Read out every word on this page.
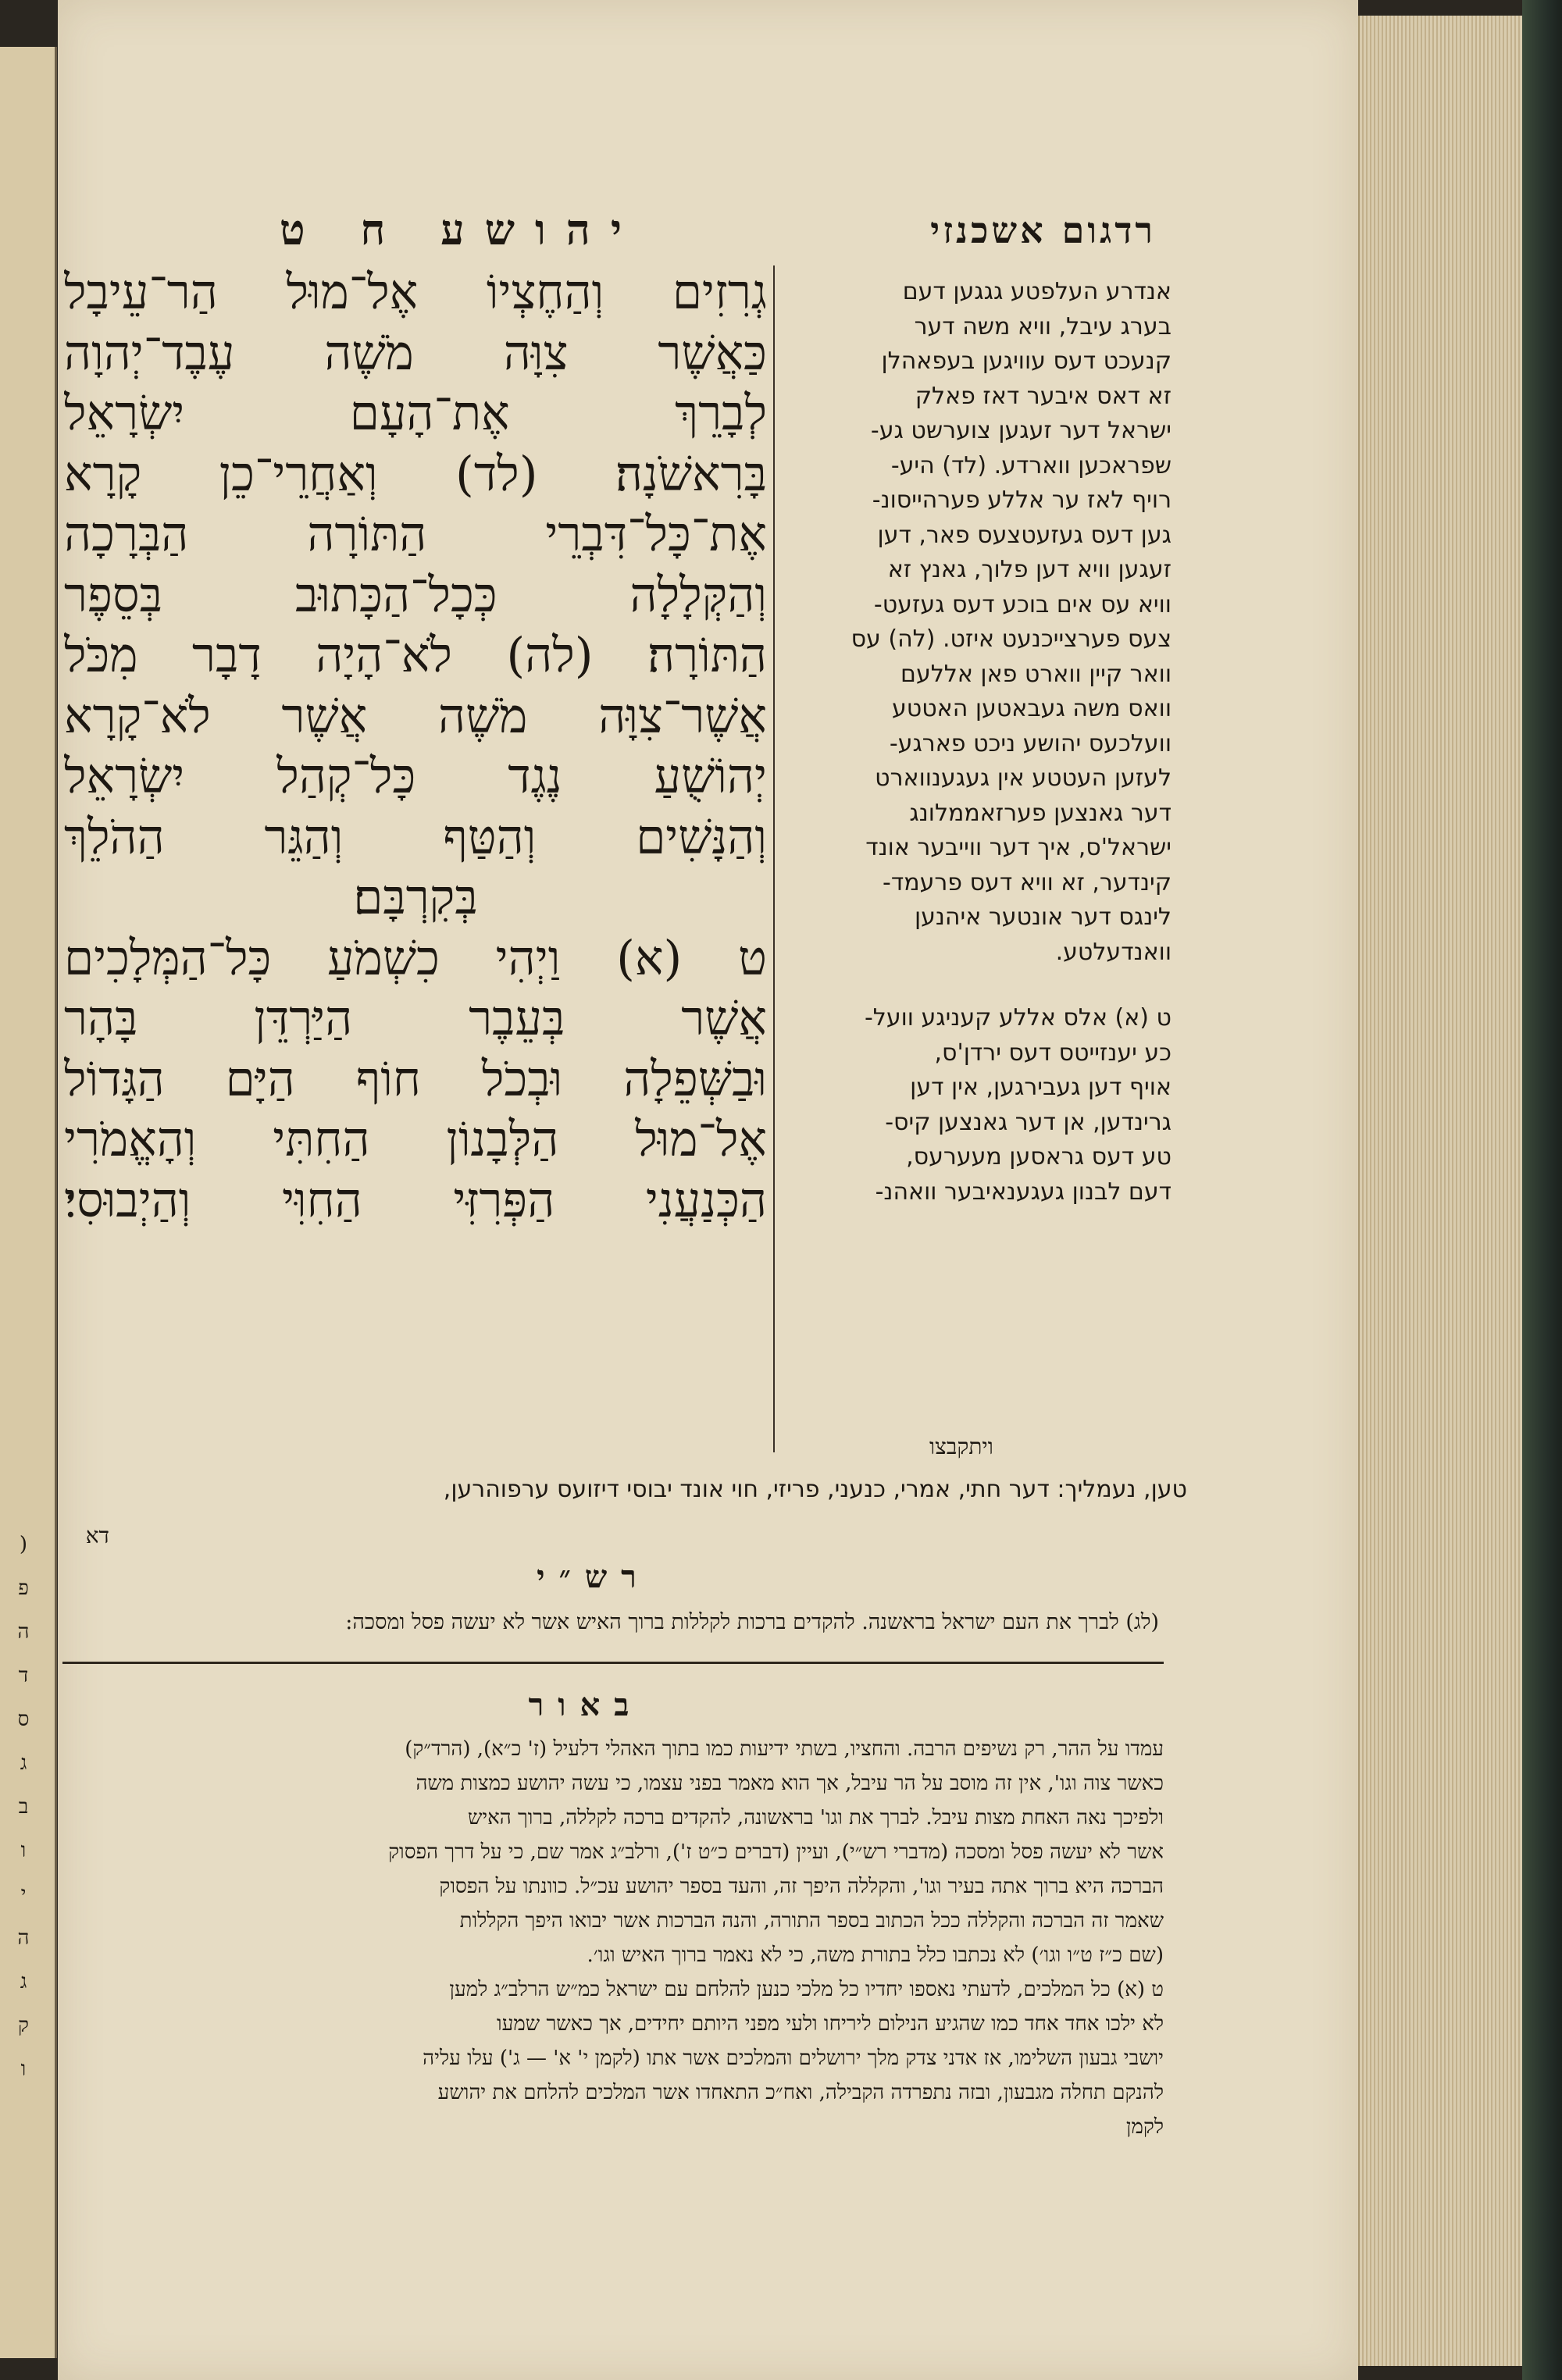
(
פ
ה
ד
ס
ג
ב
ו
י
ה
ג
ק
ו
יהושע ח ט	רדגום אשכנזי
גְרִזִים וְהַחֶצְיוֹ אֶל־מוּל הַר־עֵיבָל
כַּאֲשֶׁר צִוָּה מֹשֶׁה עֶבֶד־יְהוָה
לְבָרֵךְ אֶת־הָעָם יִשְׂרָאֵל
בָּרִאשֹׁנָה׃ (לד) וְאַחֲרֵי־כֵן קָרָא
אֶת־כָּל־דִּבְרֵי הַתּוֹרָה הַבְּרָכָה
וְהַקְּלָלָה כְּכָל־הַכָּתוּב בְּסֵפֶר
הַתּוֹרָה׃ (לה) לֹא־הָיָה דָבָר מִכֹּל
אֲשֶׁר־צִוָּה מֹשֶׁה אֲשֶׁר לֹא־קָרָא
יְהוֹשֻׁעַ נֶגֶד כָּל־קְהַל יִשְׂרָאֵל
וְהַנָּשִׁים וְהַטַּף וְהַגֵּר הַהֹלֵךְ
בְּקִרְבָּם׃
ט (א) וַיְהִי כִשְׁמֹעַ כָּל־הַמְּלָכִים
אֲשֶׁר בְּעֵבֶר הַיַּרְדֵּן בָּהָר
וּבַשְּׁפֵלָה וּבְכֹל חוֹף הַיָּם הַגָּדוֹל
אֶל־מוּל הַלְּבָנוֹן הַחִתִּי וְהָאֱמֹרִי
הַכְּנַעֲנִי הַפְּרִזִּי הַחִוִּי וְהַיְבוּסִי׃
אנדרע העלפטע גגגען דעם
בערג עיבל, וויא משה דער
קנעכט דעס עוויגען בעפאהלן
זא דאס איבער דאז פאלק
ישראל דער זעגען צוערשט גע-
שפראכען ווארדע. (לד) היע-
רויף לאז ער אללע פערהייסונ-
גען דעס געזעטצעס פאר, דען
זעגען וויא דען פלוך, גאנץ זא
וויא עס אים בוכע דעס געזעט-
צעס פערצייכנעט איזט. (לה) עס
וואר קיין ווארט פאן אללעם
וואס משה געבאטען האטטע
וועלכעס יהושע ניכט פארגע-
לעזען העטטע אין געגענווארט
דער גאנצען פערזאממלונג
ישראל'ס, איך דער ווייבער אונד
קינדער, זא וויא דעס פרעמד-
לינגס דער אונטער איהנען
וואנדעלטע.
ט (א) אלס אללע קעניגע וועל-
כע יענזייטס דעס ירדן'ס,
אויף דען געבירגען, אין דען
גרינדען, אן דער גאנצען קיס-
טע דעס גראסען מעערעס,
דעם לבנון געגענאיבער וואהנ-
ויתקבצו
טען, נעמליך: דער חתי, אמרי, כנעני, פריזי, חוי אונד יבוסי דיזועס ערפוהרען,
דא
רש״י
(לג) לברך את העם ישראל בראשנה. להקדים ברכות לקללות ברוך האיש אשר לא יעשה פסל ומסכה:
באור
עמדו על ההר, רק נשיפים הרבה. והחציו, בשתי ידיעות כמו בתוך האהלי דלעיל (ז' כ״א), (הרד״ק)
כאשר צוה וגו', אין זה מוסב על הר עיבל, אך הוא מאמר בפני עצמו, כי עשה יהושע כמצות משה
ולפיכך נאה האחת מצות עיבל. לברך את וגו' בראשונה, להקדים ברכה לקללה, ברוך האיש
אשר לא יעשה פסל ומסכה (מדברי רש״י), ועיין (דברים כ״ט ז'), ורלב״ג אמר שם, כי על דרך הפסוק
הברכה היא ברוך אתה בעיר וגו', והקללה היפך זה, והעד בספר יהושע עכ״ל. כוונתו על הפסוק
שאמר זה הברכה והקללה ככל הכתוב בספר התורה, והנה הברכות אשר יבואו היפך הקללות
(שם כ״ז ט״ו וגו׳) לא נכתבו כלל בתורת משה, כי לא נאמר ברוך האיש וגו׳.
ט (א) כל המלכים, לדעתי נאספו יחדיו כל מלכי כנען להלחם עם ישראל כמ״ש הרלב״ג למען
לא ילכו אחד אחד כמו שהגיע הנילום ליריחו ולעי מפני היותם יחידים, אך כאשר שמעו
יושבי גבעון השלימו, אז אדני צדק מלך ירושלים והמלכים אשר אתו (לקמן י' א' — ג') עלו עליה
להנקם תחלה מגבעון, ובזה נתפרדה הקבילה, ואח״כ התאחדו אשר המלכים להלחם את יהושע
לקמן
